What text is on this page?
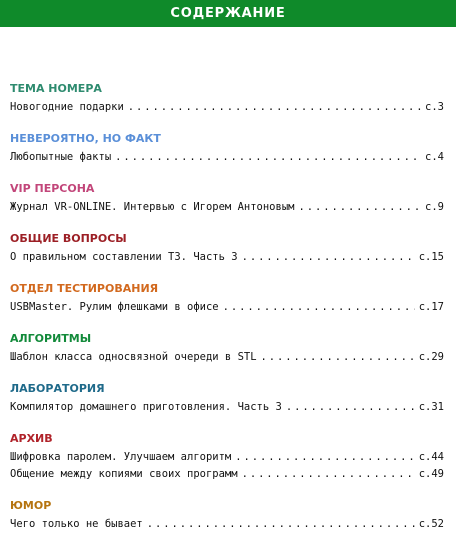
СОДЕРЖАНИЕ
ТЕМА НОМЕРА
Новогодние подарки . . .	с.3
НЕВЕРОЯТНО, НО ФАКТ
Любопытные факты . . .	с.4
VIP ПЕРСОНА
Журнал VR-ONLINE. Интервью с Игорем Антоновым . . .	с.9
ОБЩИЕ ВОПРОСЫ
О правильном составлении ТЗ. Часть 3 . . .	с.15
ОТДЕЛ ТЕСТИРОВАНИЯ
USBMaster. Рулим флешками в офисе . . .	с.17
АЛГОРИТМЫ
Шаблон класса односвязной очереди в STL . . .	с.29
ЛАБОРАТОРИЯ
Компилятор домашнего приготовления. Часть 3 . . .	с.31
АРХИВ
Шифровка паролем. Улучшаем алгоритм . . .	с.44
Общение между копиями своих программ . . .	с.49
ЮМОР
Чего только не бывает . . .	с.52
